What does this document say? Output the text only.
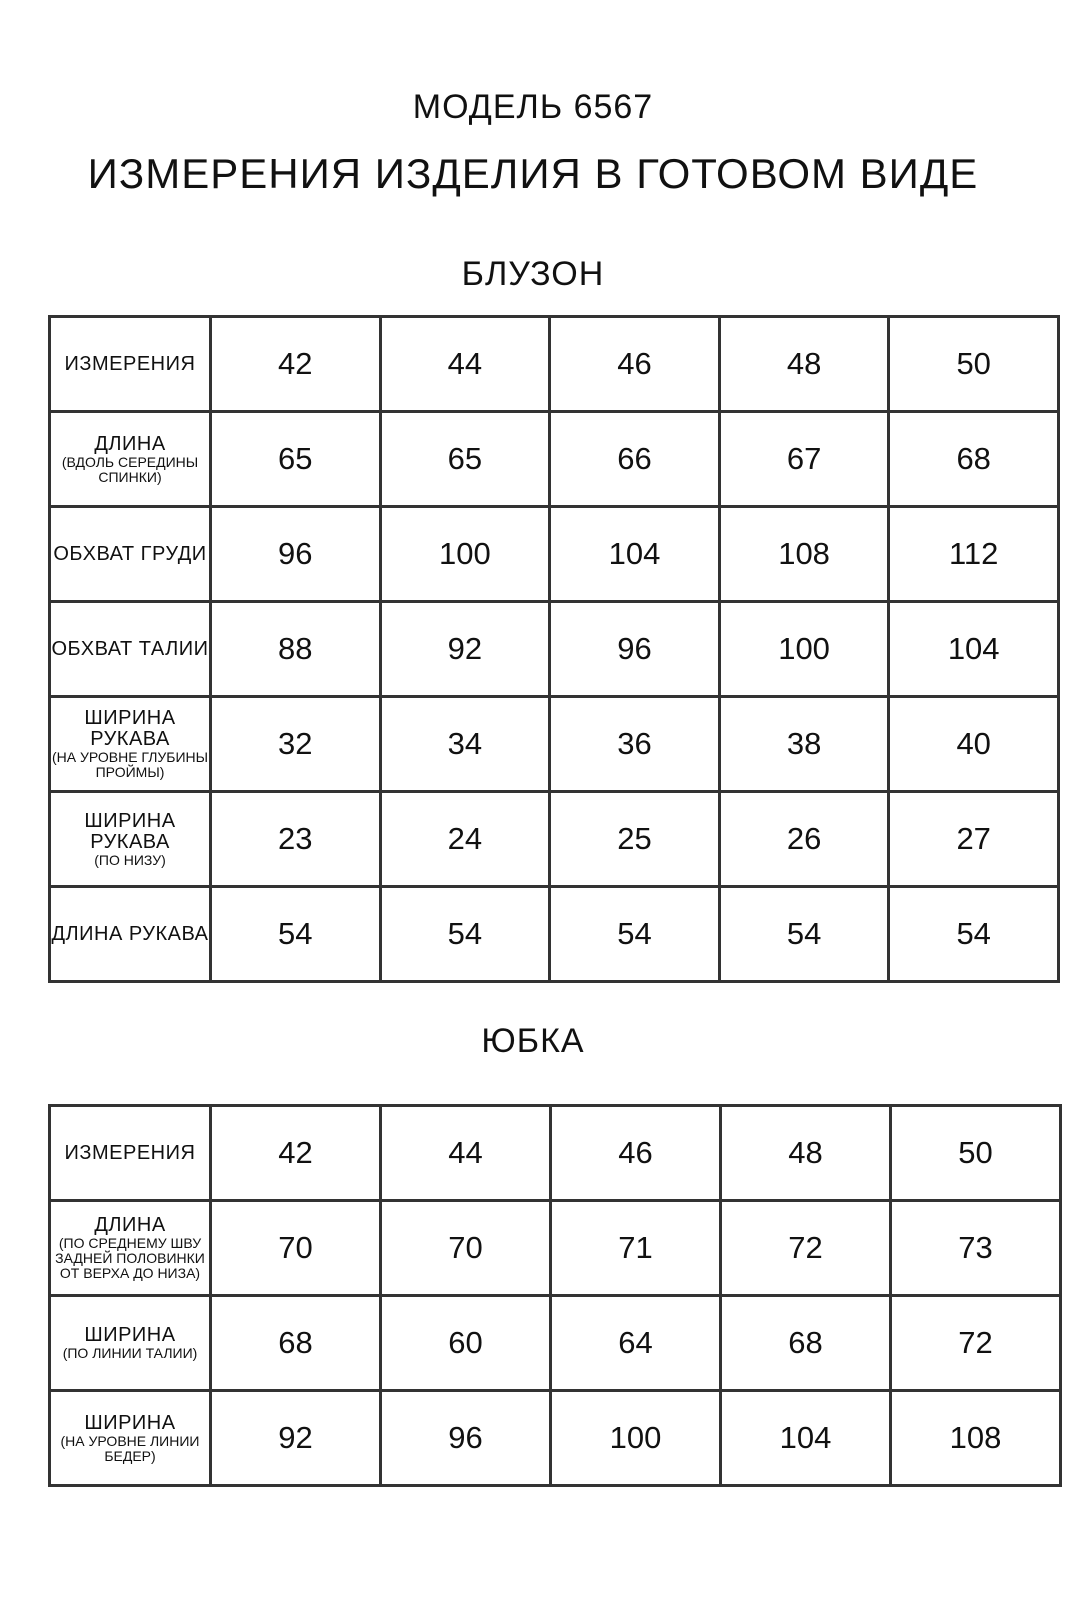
МОДЕЛЬ 6567
ИЗМЕРЕНИЯ ИЗДЕЛИЯ В ГОТОВОМ ВИДЕ
БЛУЗОН
ИЗМЕРЕНИЯ	42	44	46	48	50

ДЛИНА
(ВДОЛЬ СЕРЕДИНЫ СПИНКИ)	65	65	66	67	68

ОБХВАТ ГРУДИ	96	100	104	108	112

ОБХВАТ ТАЛИИ	88	92	96	100	104

ШИРИНА РУКАВА
(НА УРОВНЕ ГЛУБИНЫ ПРОЙМЫ)	32	34	36	38	40

ШИРИНА РУКАВА
(ПО НИЗУ)	23	24	25	26	27

ДЛИНА РУКАВА	54	54	54	54	54
ЮБКА
ИЗМЕРЕНИЯ	42	44	46	48	50

ДЛИНА
(ПО СРЕДНЕМУ ШВУ ЗАДНЕЙ ПОЛОВИНКИ ОТ ВЕРХА ДО НИЗА)	70	70	71	72	73

ШИРИНА
(ПО ЛИНИИ ТАЛИИ)	68	60	64	68	72

ШИРИНА
(НА УРОВНЕ ЛИНИИ БЕДЕР)	92	96	100	104	108
